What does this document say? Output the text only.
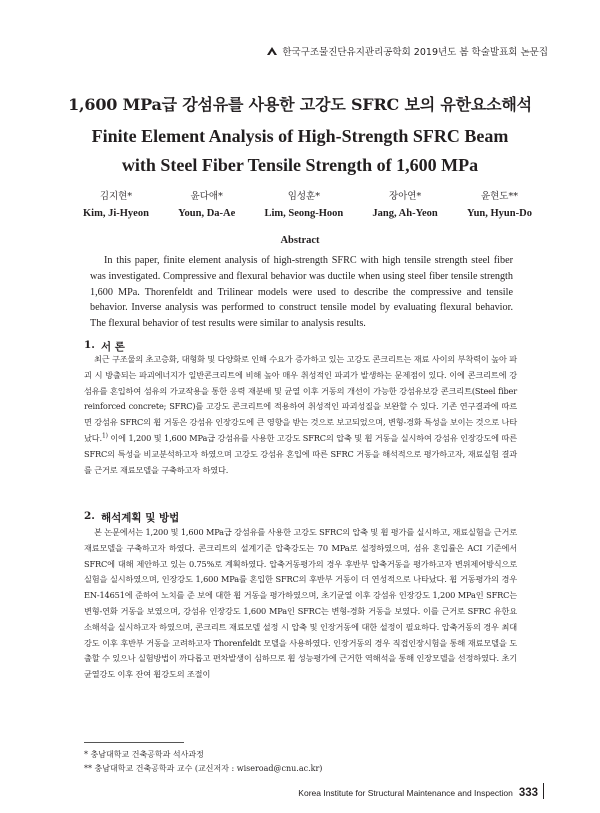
한국구조물진단유지관리공학회 2019년도 봄 학술발표회 논문집
1,600 MPa급 강섬유를 사용한 고강도 SFRC 보의 유한요소해석
Finite Element Analysis of High-Strength SFRC Beam
with Steel Fiber Tensile Strength of 1,600 MPa
김지현*
Kim, Ji-Hyeon
윤다애*
Youn, Da-Ae
임성훈*
Lim, Seong-Hoon
장아연*
Jang, Ah-Yeon
윤현도**
Yun, Hyun-Do
Abstract

In this paper, finite element analysis of high-strength SFRC with high tensile strength steel fiber was investigated. Compressive and flexural behavior was ductile when using steel fiber tensile strength 1,600 MPa. Thorenfeldt and Trilinear models were used to describe the compressive and tensile behavior. Inverse analysis was performed to construct tensile model by evaluating flexural behavior. The flexural behavior of test results were similar to analysis results.

1. 서 론

최근 구조물의 초고층화, 대형화 및 다양화로 인해 수요가 증가하고 있는 고강도 콘크리트는 재료 사이의 부착력이 높아 파괴 시 방출되는 파괴에너지가 일반콘크리트에 비해 높아 매우 취성적인 파괴가 발생하는 문제점이 있다. 이에 콘크리트에 강섬유를 혼입하여 섬유의 가교작용을 통한 응력 재분배 및 균열 이후 거동의 개선이 가능한 강섬유보강 콘크리트(Steel fiber reinforced concrete; SFRC)를 고강도 콘크리트에 적용하여 취성적인 파괴성질을 보완할 수 있다. 기존 연구결과에 따르면 강섬유 SFRC의 휨 거동은 강섬유 인장강도에 큰 영향을 받는 것으로 보고되었으며, 변형-경화 특성을 보이는 것으로 나타났다.$^{1)}$ 이에 1,200 및 1,600 MPa급 강섬유를 사용한 고강도 SFRC의 압축 및 휨 거동을 실시하여 강섬유 인장강도에 따른 SFRC의 특성을 비교분석하고자 하였으며 고강도 강섬유 혼입에 따른 SFRC 거동을 해석적으로 평가하고자, 재료실험 결과를 근거로 재료모델을 구축하고자 하였다.

2. 해석계획 및 방법

본 논문에서는 1,200 및 1,600 MPa급 강섬유를 사용한 고강도 SFRC의 압축 및 휨 평가를 실시하고, 재료실험을 근거로 재료모델을 구축하고자 하였다. 콘크리트의 설계기준 압축강도는 70 MPa로 설정하였으며, 섬유 혼입률은 ACI 기준에서 SFRC에 대해 제안하고 있는 0.75%로 계획하였다. 압축거동평가의 경우 후반부 압축거동을 평가하고자 변위제어방식으로 실험을 실시하였으며, 인장강도 1,600 MPa를 혼입한 SFRC의 후반부 거동이 더 연성적으로 나타났다. 휨 거동평가의 경우 EN-14651에 준하여 노치를 준 보에 대한 휨 거동을 평가하였으며, 초기균열 이후 강섬유 인장강도 1,200 MPa인 SFRC는 변형-연화 거동을 보였으며, 강섬유 인장강도 1,600 MPa인 SFRC는 변형-경화 거동을 보였다. 이를 근거로 SFRC 유한요소해석을 실시하고자 하였으며, 콘크리트 재료모델 설정 시 압축 및 인장거동에 대한 설정이 필요하다. 압축거동의 경우 최대강도 이후 후반부 거동을 고려하고자 Thorenfeldt 모델을 사용하였다. 인장거동의 경우 직접인장시험을 통해 재료모델을 도출할 수 있으나 실험방법이 까다롭고 편차발생이 심하므로 휨 성능평가에 근거한 역해석을 통해 인장모델을 선정하였다. 초기균열강도 이후 잔여 휨강도의 조절이

* 충남대학교 건축공학과 석사과정
** 충남대학교 건축공학과 교수 (교신저자 : wiseroad@cnu.ac.kr)
Korea Institute for Structural Maintenance and Inspection 333
